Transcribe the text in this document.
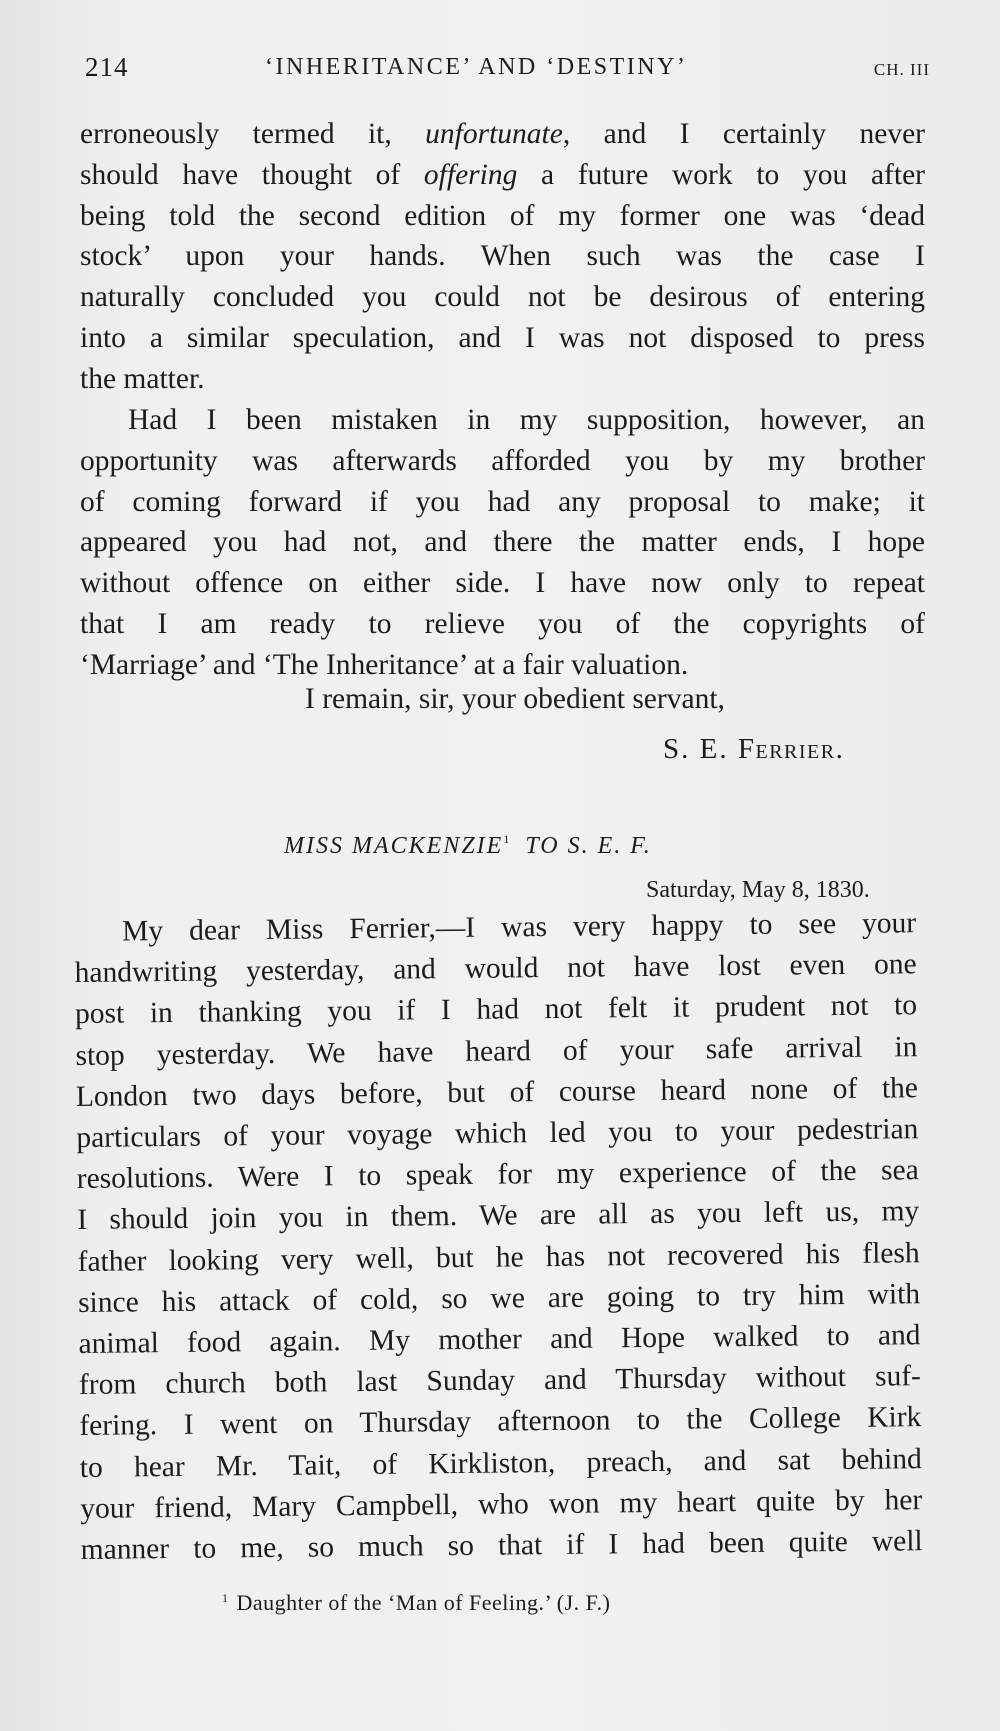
214	‘INHERITANCE’ AND ‘DESTINY’	CH. III
erroneously termed it, unfortunate, and I certainly never
should have thought of offering a future work to you after
being told the second edition of my former one was ‘dead
stock’ upon your hands. When such was the case I
naturally concluded you could not be desirous of entering
into a similar speculation, and I was not disposed to press
the matter.
Had I been mistaken in my supposition, however, an
opportunity was afterwards afforded you by my brother
of coming forward if you had any proposal to make; it
appeared you had not, and there the matter ends, I hope
without offence on either side. I have now only to repeat
that I am ready to relieve you of the copyrights of
‘Marriage’ and ‘The Inheritance’ at a fair valuation.
I remain, sir, your obedient servant,
S. E. Ferrier.
MISS MACKENZIE$^1$ TO S. E. F.
Saturday, May 8, 1830.
My dear Miss Ferrier,—I was very happy to see your
handwriting yesterday, and would not have lost even one
post in thanking you if I had not felt it prudent not to
stop yesterday. We have heard of your safe arrival in
London two days before, but of course heard none of the
particulars of your voyage which led you to your pedestrian
resolutions. Were I to speak for my experience of the sea
I should join you in them. We are all as you left us, my
father looking very well, but he has not recovered his flesh
since his attack of cold, so we are going to try him with
animal food again. My mother and Hope walked to and
from church both last Sunday and Thursday without suf-
fering. I went on Thursday afternoon to the College Kirk
to hear Mr. Tait, of Kirkliston, preach, and sat behind
your friend, Mary Campbell, who won my heart quite by her
manner to me, so much so that if I had been quite well
$^1$ Daughter of the ‘Man of Feeling.’ (J. F.)
